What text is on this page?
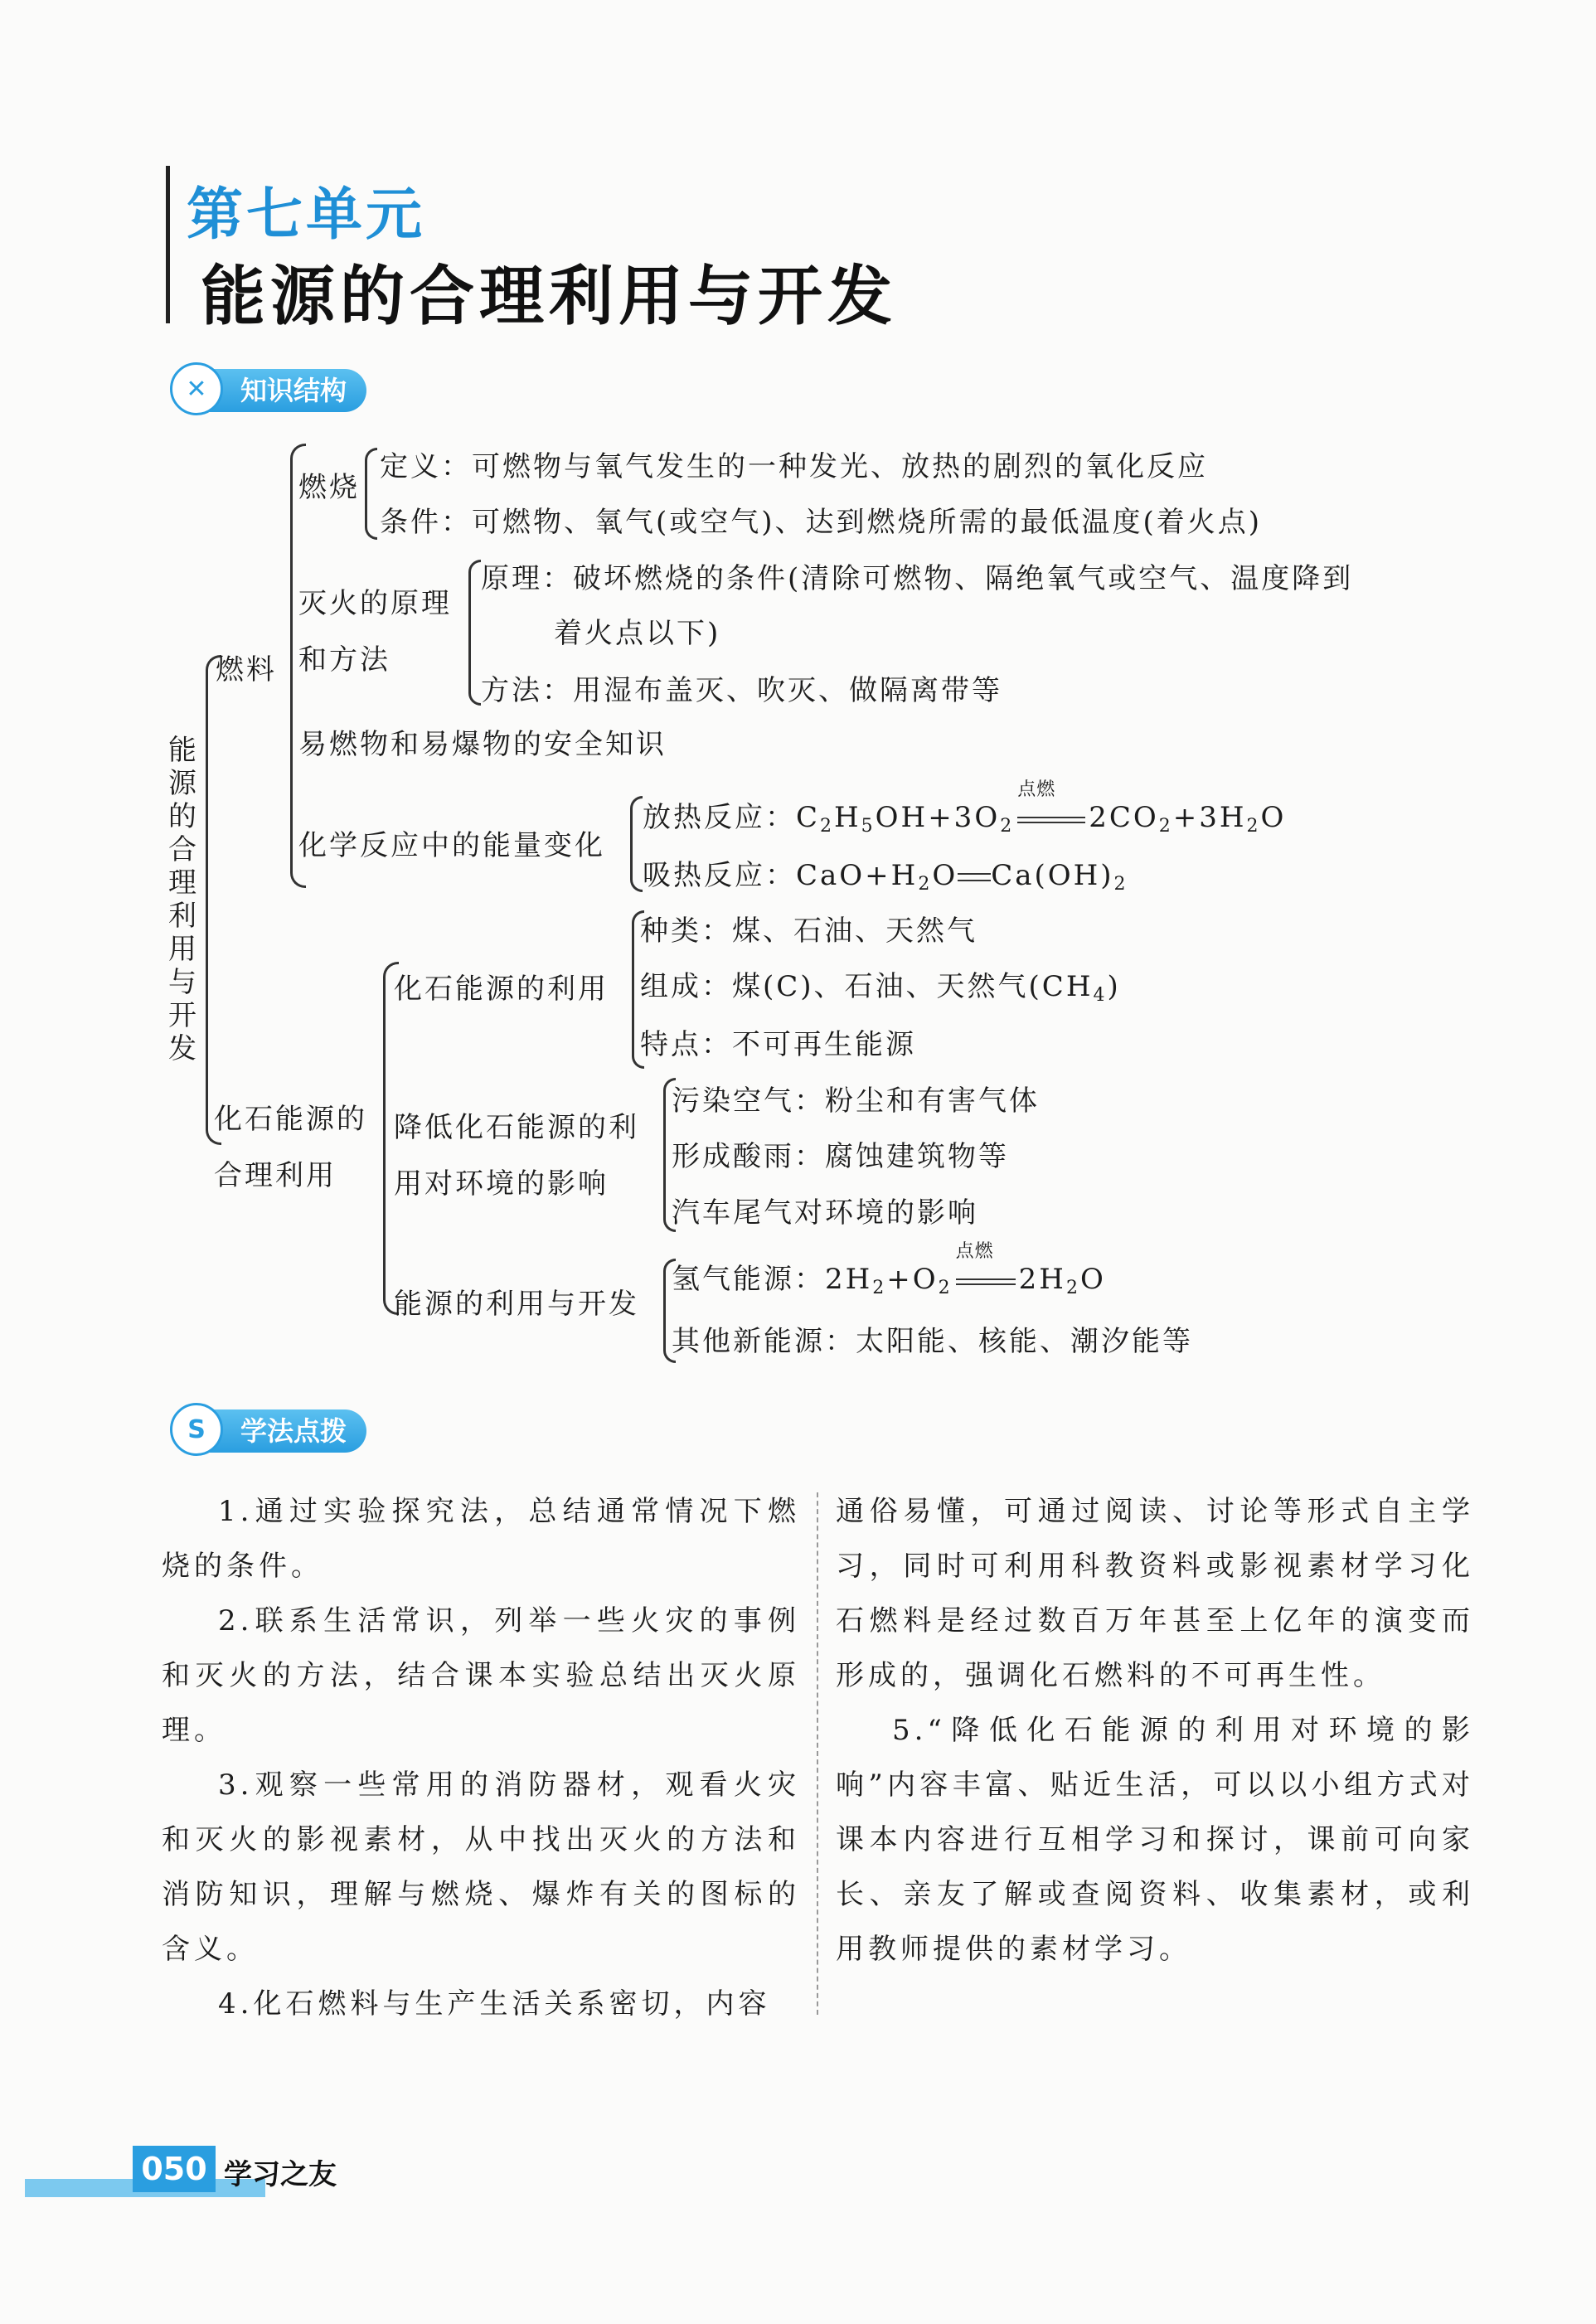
第七单元
能源的合理利用与开发
知识结构
✕
能源的合理利用与开发
燃料
燃烧
定义：可燃物与氧气发生的一种发光、放热的剧烈的氧化反应
条件：可燃物、氧气(或空气)、达到燃烧所需的最低温度(着火点)
灭火的原理
和方法
原理：破坏燃烧的条件(清除可燃物、隔绝氧气或空气、温度降到
着火点以下)
方法：用湿布盖灭、吹灭、做隔离带等
易燃物和易爆物的安全知识
化学反应中的能量变化
放热反应：$C_2H_5OH+3O_2$
点燃
$2CO_2+3H_2O$
吸热反应：$CaO+H_2O$ $Ca(OH)_2$
化石能源的
合理利用
化石能源的利用
种类：煤、石油、天然气
组成：煤(C)、石油、天然气$(CH_4)$
特点：不可再生能源
降低化石能源的利
用对环境的影响
污染空气：粉尘和有害气体
形成酸雨：腐蚀建筑物等
汽车尾气对环境的影响
能源的利用与开发
氢气能源：$2H_2+O_2$
点燃
$2H_2O$
其他新能源：太阳能、核能、潮汐能等
学法点拨
S

1.通过实验探究法，总结通常情况下燃烧的条件。

2.联系生活常识，列举一些火灾的事例和灭火的方法，结合课本实验总结出灭火原理。

3.观察一些常用的消防器材，观看火灾和灭火的影视素材，从中找出灭火的方法和消防知识，理解与燃烧、爆炸有关的图标的含义。

4.化石燃料与生产生活关系密切，内容

通俗易懂，可通过阅读、讨论等形式自主学习，同时可利用科教资料或影视素材学习化石燃料是经过数百万年甚至上亿年的演变而形成的，强调化石燃料的不可再生性。

5.“降低化石能源的利用对环境的影响”内容丰富、贴近生活，可以以小组方式对课本内容进行互相学习和探讨，课前可向家长、亲友了解或查阅资料、收集素材，或利用教师提供的素材学习。

050 学习之友
